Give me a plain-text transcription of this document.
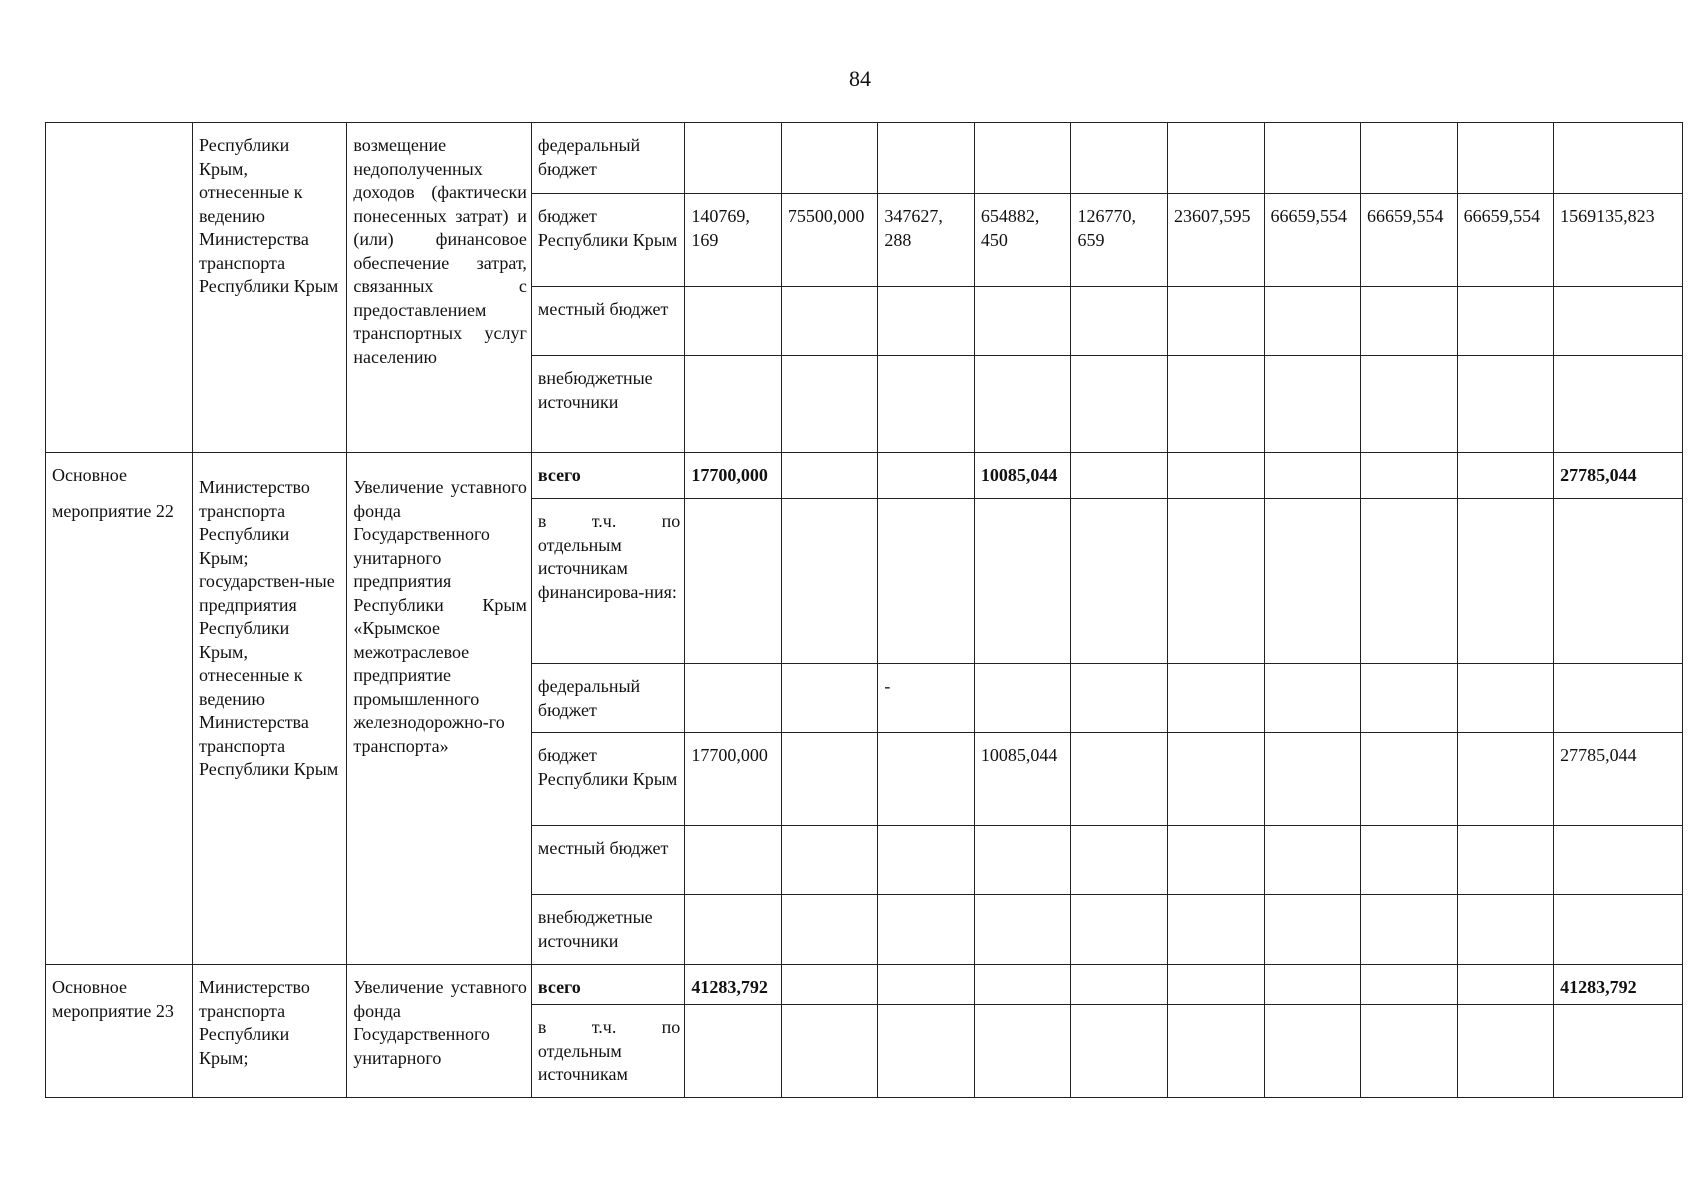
84
	Республики Крым, отнесенные к ведению Министерства транспорта Республики Крым	возмещение недополученных доходов (фактически понесенных затрат) и (или) финансовое обеспечение затрат, связанных с предоставлением транспортных услуг населению	федеральный бюджет										
			бюджет Республики Крым	140769, 169	75500,000	347627, 288	654882, 450	126770, 659	23607,595	66659,554	66659,554	66659,554	1569135,823
			местный бюджет										
			внебюджетные источники										

Основное
мероприятие 22	Министерство транспорта Республики Крым; государствен-ные предприятия Республики Крым, отнесенные к ведению Министерства транспорта Республики Крым	Увеличение уставного фонда Государственного унитарного предприятия Республики Крым «Крымское межотраслевое предприятие промышленного железнодорожно-го транспорта»	всего	17700,000			10085,044						27785,044
			в т.ч. по отдельным источникам финансирова-ния:										
			федеральный бюджет			-							
			бюджет Республики Крым	17700,000			10085,044						27785,044
			местный бюджет										
			внебюджетные источники										
Основное мероприятие 23	Министерство транспорта Республики Крым;	Увеличение уставного фонда Государственного унитарного	всего	41283,792									41283,792
			в т.ч. по отдельным источникам										
